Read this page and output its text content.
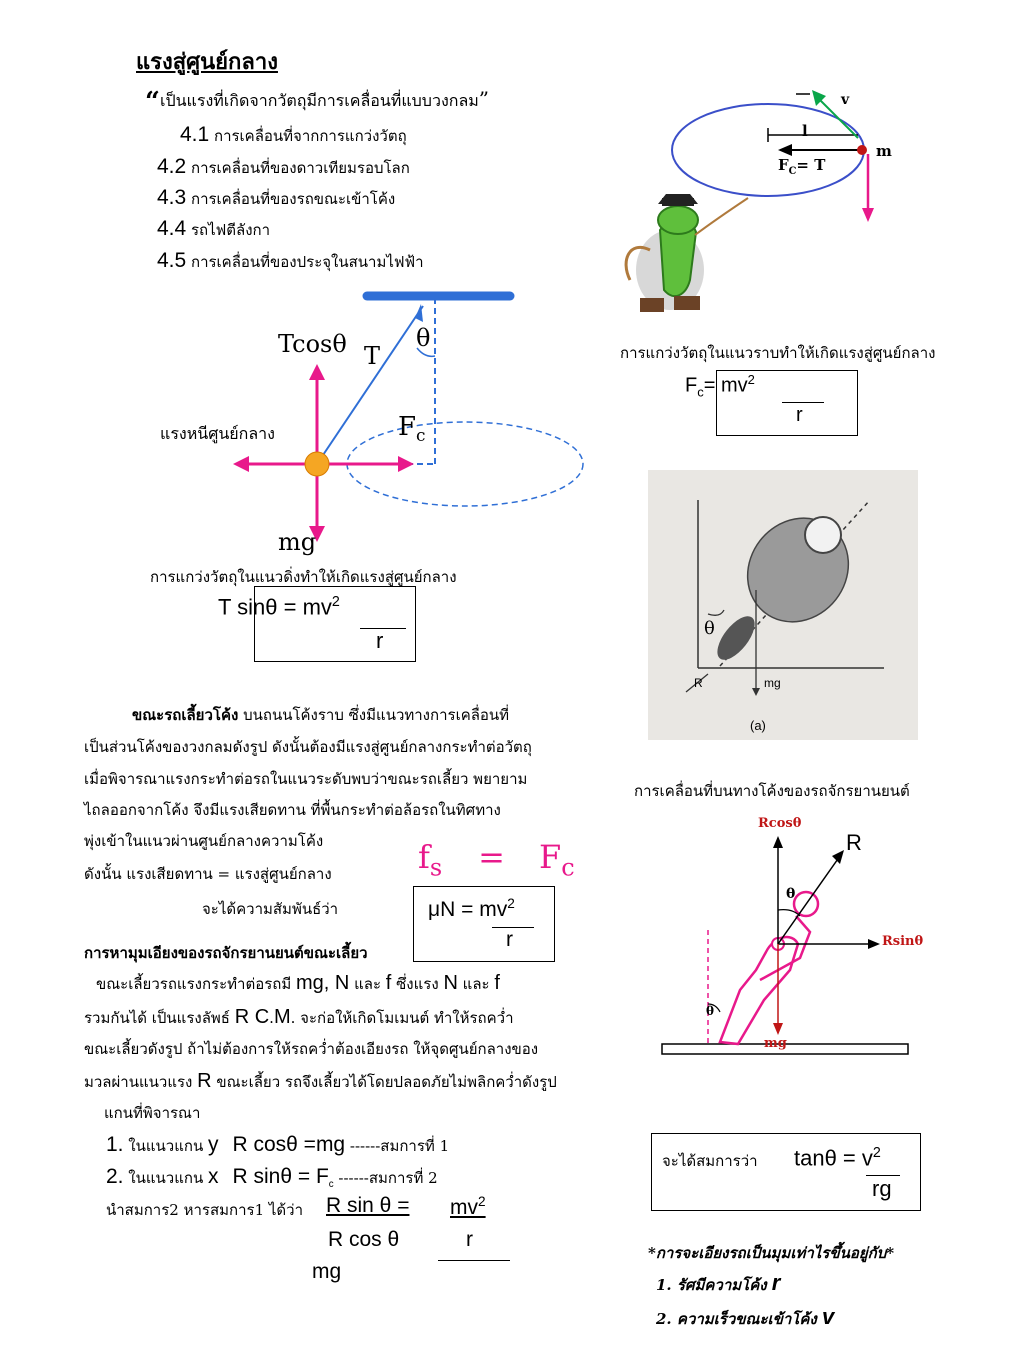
แรงสู่ศูนย์กลาง
“เป็นแรงที่เกิดจากวัตถุมีการเคลื่อนที่แบบวงกลม”
4.1 การเคลื่อนที่จากการแกว่งวัตถุ
4.2 การเคลื่อนที่ของดาวเทียมรอบโลก
4.3 การเคลื่อนที่ของรถขณะเข้าโค้ง
4.4 รถไฟตีลังกา
4.5 การเคลื่อนที่ของประจุในสนามไฟฟ้า
v
l
$F_C= T$
m
การแกว่งวัตถุในแนวราบทำให้เกิดแรงสู่ศูนย์กลาง
$F_c= mv^2$
r
Tcosθ	θ
T
$F_c$
แรงหนีศูนย์กลาง
mg
การแกว่งวัตถุในแนวดิ่งทำให้เกิดแรงสู่ศูนย์กลาง
T $\sin\theta = mv^2$
r	θ
R	mg
(a)
การเคลื่อนที่บนทางโค้งของรถจักรยานยนต์
ขณะรถเลี้ยวโค้ง บนถนนโค้งราบ ซึ่งมีแนวทางการเคลื่อนที่
เป็นส่วนโค้งของวงกลมดังรูป ดังนั้นต้องมีแรงสู่ศูนย์กลางกระทำต่อวัตถุ
เมื่อพิจารณาแรงกระทำต่อรถในแนวระดับพบว่าขณะรถเลี้ยว พยายาม
ไถลออกจากโค้ง จึงมีแรงเสียดทาน ที่พื้นกระทำต่อล้อรถในทิศทาง
พุ่งเข้าในแนวผ่านศูนย์กลางความโค้ง
ดังนั้น แรงเสียดทาน = แรงสู่ศูนย์กลาง
จะได้ความสัมพันธ์ว่า
$f_s = F_c$
$\mu N = mv^2$
r
การหามุมเอียงของรถจักรยานยนต์ขณะเลี้ยว
ขณะเลี้ยวรถแรงกระทำต่อรถมี mg, N และ f ซึ่งแรง N และ f
รวมกันได้ เป็นแรงลัพธ์ R C.M. จะก่อให้เกิดโมเมนต์ ทำให้รถคว่ำ
ขณะเลี้ยวดังรูป ถ้าไม่ต้องการให้รถคว่ำต้องเอียงรถ ให้จุดศูนย์กลางของ
มวลผ่านแนวแรง R ขณะเลี้ยว รถจึงเลี้ยวได้โดยปลอดภัยไม่พลิกคว่ำดังรูป
แกนที่พิจารณา
1. ในแนวแกน y R cosθ =mg ------สมการที่ 1
2. ในแนวแกน x R $\sin\theta = F_c$ ------สมการที่ 2
นำสมการ2 หารสมการ1 ได้ว่า R $\sin \theta = mv^2$
R cos θ	r
mg
Rcosθ
R
θ
Rsinθ
θ
mg
จะได้สมการว่า $\tan\theta = v^2$
rg
*การจะเอียงรถเป็นมุมเท่าไรขึ้นอยู่กับ*
1. รัศมีความโค้ง r
2. ความเร็วขณะเข้าโค้ง v
